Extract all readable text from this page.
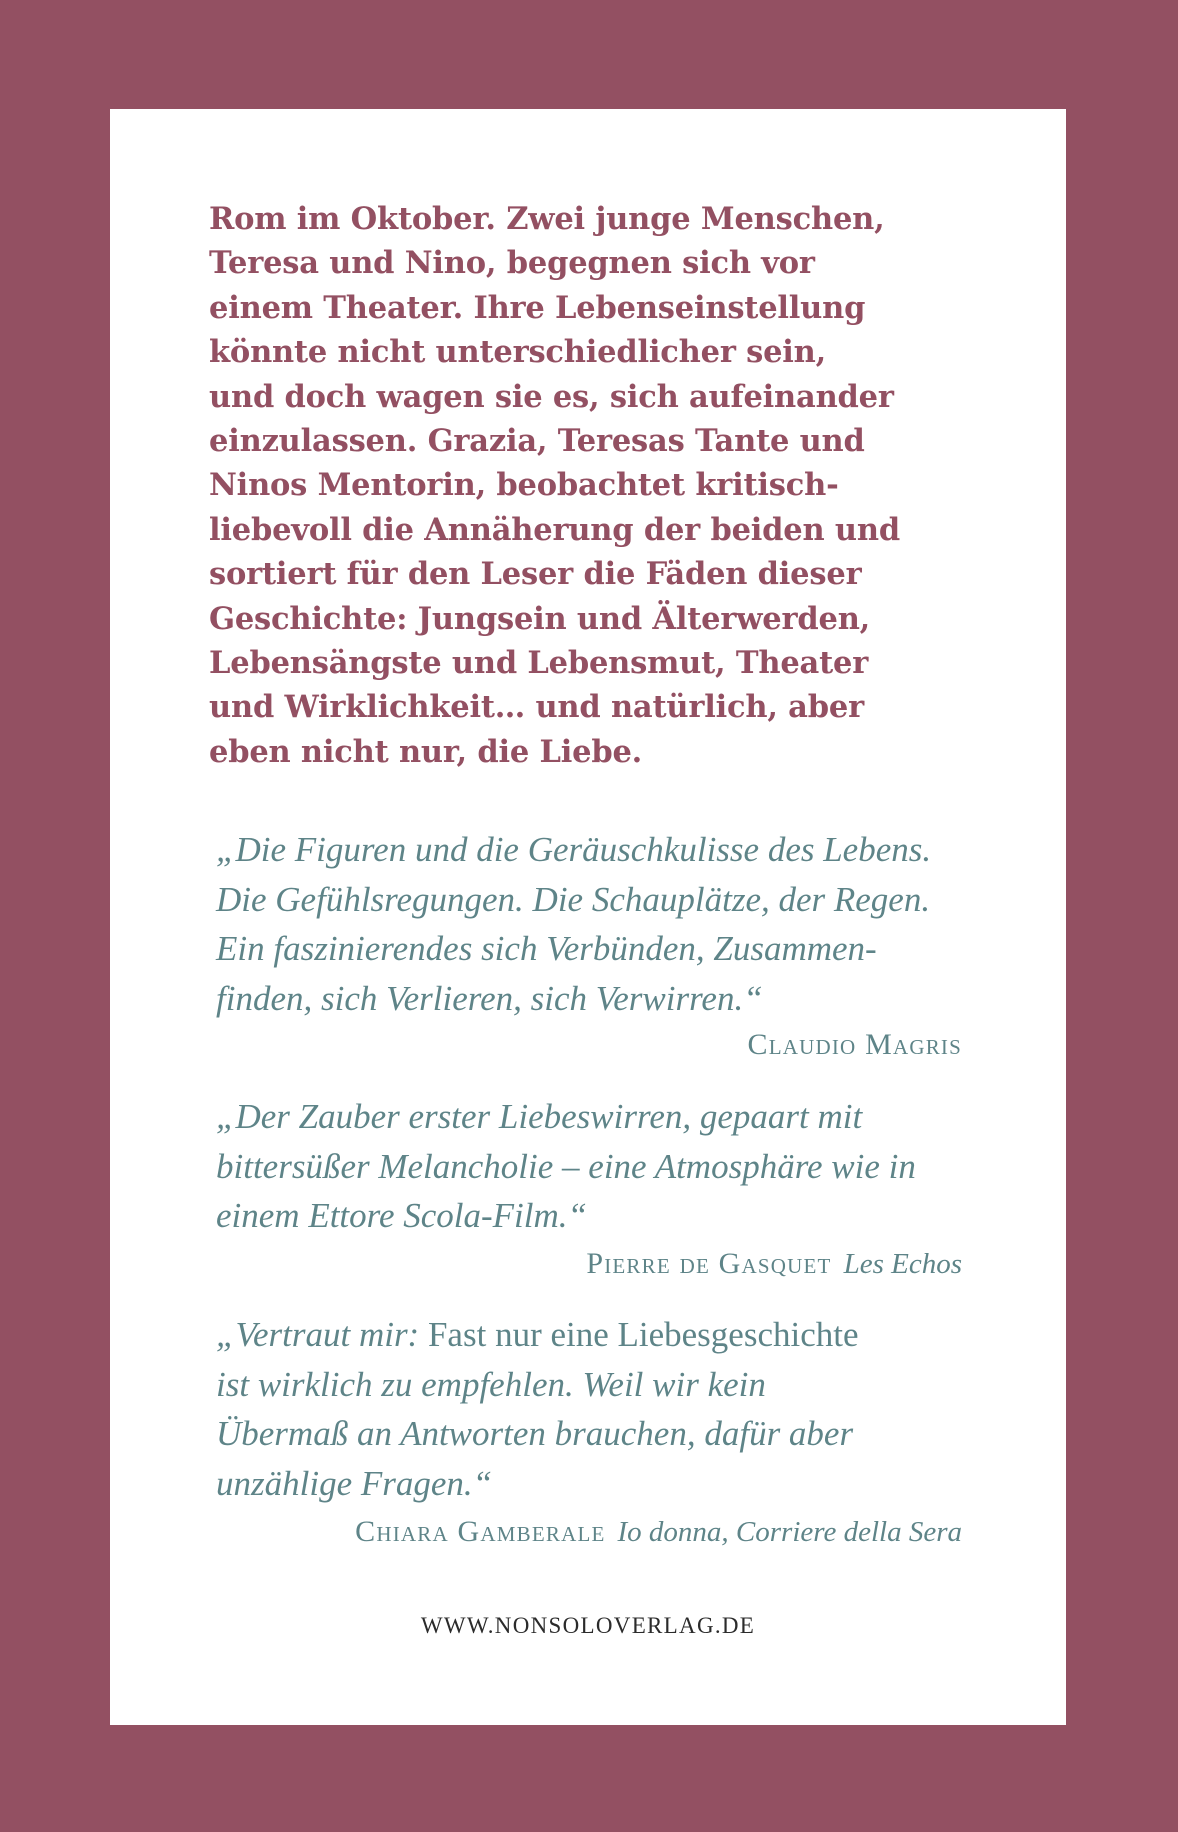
Rom im Oktober. Zwei junge Menschen,
Teresa und Nino, begegnen sich vor
einem Theater. Ihre Lebenseinstellung
könnte nicht unterschiedlicher sein,
und doch wagen sie es, sich aufeinander
einzulassen. Grazia, Teresas Tante und
Ninos Mentorin, beobachtet kritisch-
liebevoll die Annäherung der beiden und
sortiert für den Leser die Fäden dieser
Geschichte: Jungsein und Älterwerden,
Lebensängste und Lebensmut, Theater
und Wirklichkeit… und natürlich, aber
eben nicht nur, die Liebe.

„Die Figuren und die Geräuschkulisse des Lebens.
Die Gefühlsregungen. Die Schauplätze, der Regen.
Ein faszinierendes sich Verbünden, Zusammen-
finden, sich Verlieren, sich Verwirren.“

Claudio Magris

„Der Zauber erster Liebeswirren, gepaart mit
bittersüßer Melancholie – eine Atmosphäre wie in
einem Ettore Scola-Film.“

Pierre de Gasquet Les Echos

„Vertraut mir: Fast nur eine Liebesgeschichte
ist wirklich zu empfehlen. Weil wir kein
Übermaß an Antworten brauchen, dafür aber
unzählige Fragen.“

Chiara Gamberale Io donna, Corriere della Sera

WWW.NONSOLOVERLAG.DE
